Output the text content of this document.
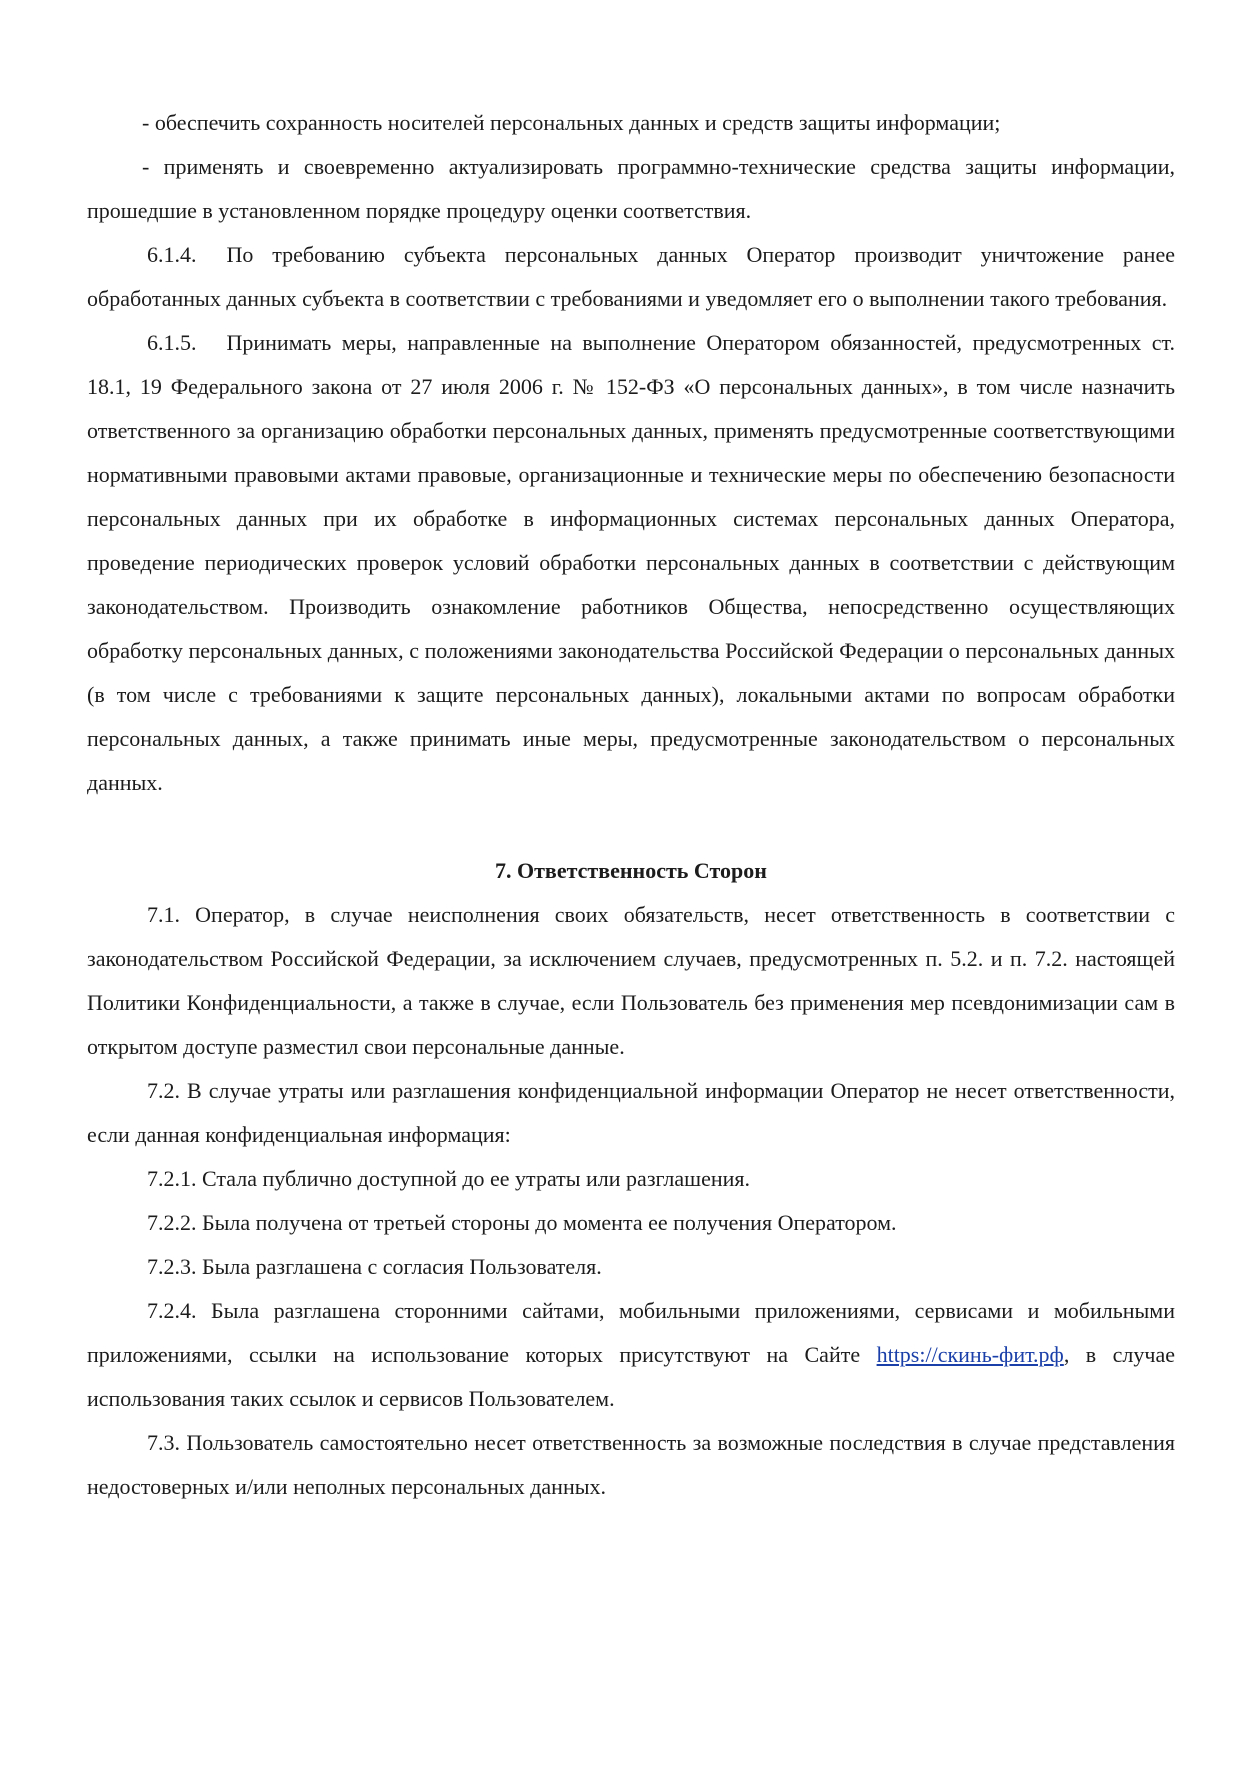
- обеспечить сохранность носителей персональных данных и средств защиты информации;

- применять и своевременно актуализировать программно-технические средства защиты информации, прошедшие в установленном порядке процедуру оценки соответствия.

6.1.4. По требованию субъекта персональных данных Оператор производит уничтожение ранее обработанных данных субъекта в соответствии с требованиями и уведомляет его о выполнении такого требования.

6.1.5. Принимать меры, направленные на выполнение Оператором обязанностей, предусмотренных ст. 18.1, 19 Федерального закона от 27 июля 2006 г. № 152-ФЗ «О персональных данных», в том числе назначить ответственного за организацию обработки персональных данных, применять предусмотренные соответствующими нормативными правовыми актами правовые, организационные и технические меры по обеспечению безопасности персональных данных при их обработке в информационных системах персональных данных Оператора, проведение периодических проверок условий обработки персональных данных в соответствии с действующим законодательством. Производить ознакомление работников Общества, непосредственно осуществляющих обработку персональных данных, с положениями законодательства Российской Федерации о персональных данных (в том числе с требованиями к защите персональных данных), локальными актами по вопросам обработки персональных данных, а также принимать иные меры, предусмотренные законодательством о персональных данных.

7. Ответственность Сторон

7.1. Оператор, в случае неисполнения своих обязательств, несет ответственность в соответствии с законодательством Российской Федерации, за исключением случаев, предусмотренных п. 5.2. и п. 7.2. настоящей Политики Конфиденциальности, а также в случае, если Пользователь без применения мер псевдонимизации сам в открытом доступе разместил свои персональные данные.

7.2. В случае утраты или разглашения конфиденциальной информации Оператор не несет ответственности, если данная конфиденциальная информация:

7.2.1. Стала публично доступной до ее утраты или разглашения.

7.2.2. Была получена от третьей стороны до момента ее получения Оператором.

7.2.3. Была разглашена с согласия Пользователя.

7.2.4. Была разглашена сторонними сайтами, мобильными приложениями, сервисами и мобильными приложениями, ссылки на использование которых присутствуют на Сайте https://скинь-фит.рф, в случае использования таких ссылок и сервисов Пользователем.

7.3. Пользователь самостоятельно несет ответственность за возможные последствия в случае представления недостоверных и/или неполных персональных данных.
